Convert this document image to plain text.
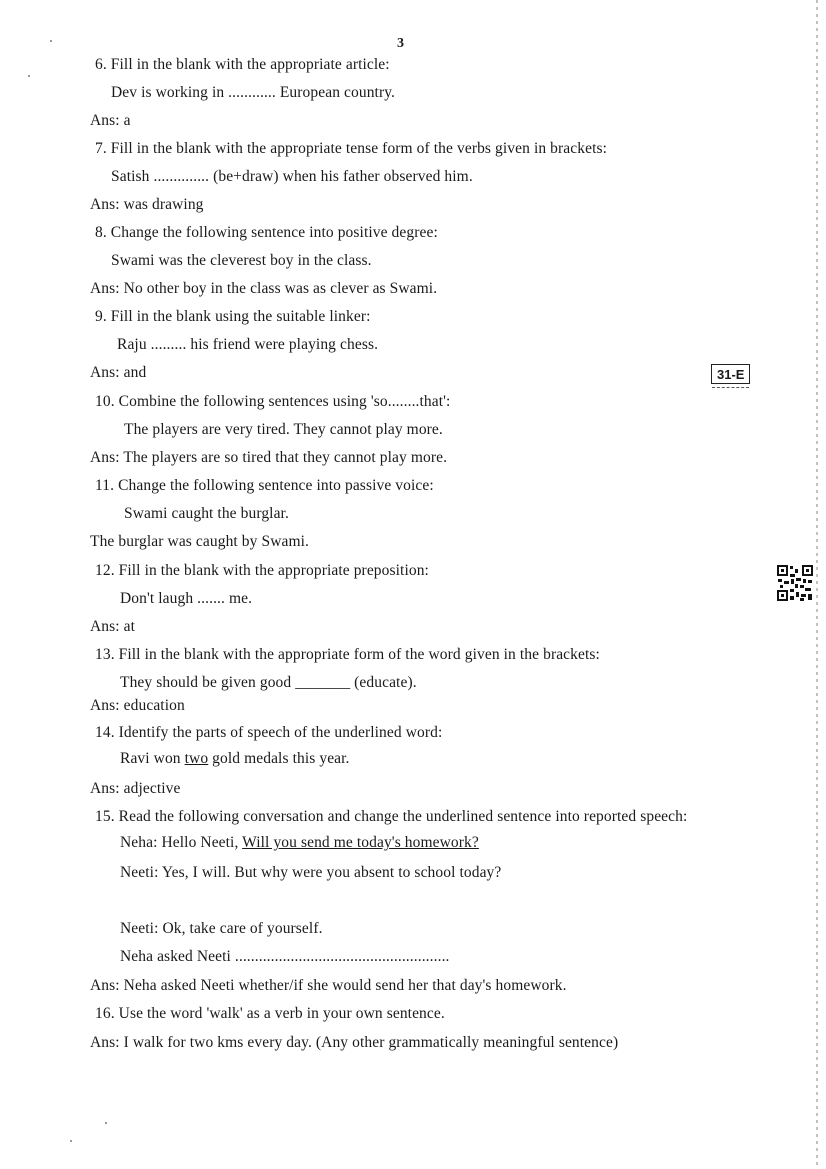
3
6. Fill in the blank with the appropriate article:
Dev is working in ............ European country.
Ans: a
7. Fill in the blank with the appropriate tense form of the verbs given in brackets:
Satish .............. (be+draw) when his father observed him.
Ans: was drawing
8. Change the following sentence into positive degree:
Swami was the cleverest boy in the class.
Ans: No other boy in the class was as clever as Swami.
9. Fill in the blank using the suitable linker:
Raju ......... his friend were playing chess.
Ans: and
10. Combine the following sentences using 'so........that':
The players are very tired. They cannot play more.
Ans: The players are so tired that they cannot play more.
11. Change the following sentence into passive voice:
Swami caught the burglar.
The burglar was caught by Swami.
12. Fill in the blank with the appropriate preposition:
Don't laugh ....... me.
Ans: at
13. Fill in the blank with the appropriate form of the word given in the brackets:
They should be given good _______ (educate).
Ans: education
14. Identify the parts of speech of the underlined word:
Ans: adjective
15. Read the following conversation and change the underlined sentence into reported speech:
Neeti: Yes, I will. But why were you absent to school today?
Neeti: Ok, take care of yourself.
Neha asked Neeti ......................................................
Ans: Neha asked Neeti whether/if she would send her that day's homework.
16. Use the word 'walk' as a verb in your own sentence.
Ans: I walk for two kms every day. (Any other grammatically meaningful sentence)
Ravi won two gold medals this year.
Neha: Hello Neeti, Will you send me today's homework?
31-E
